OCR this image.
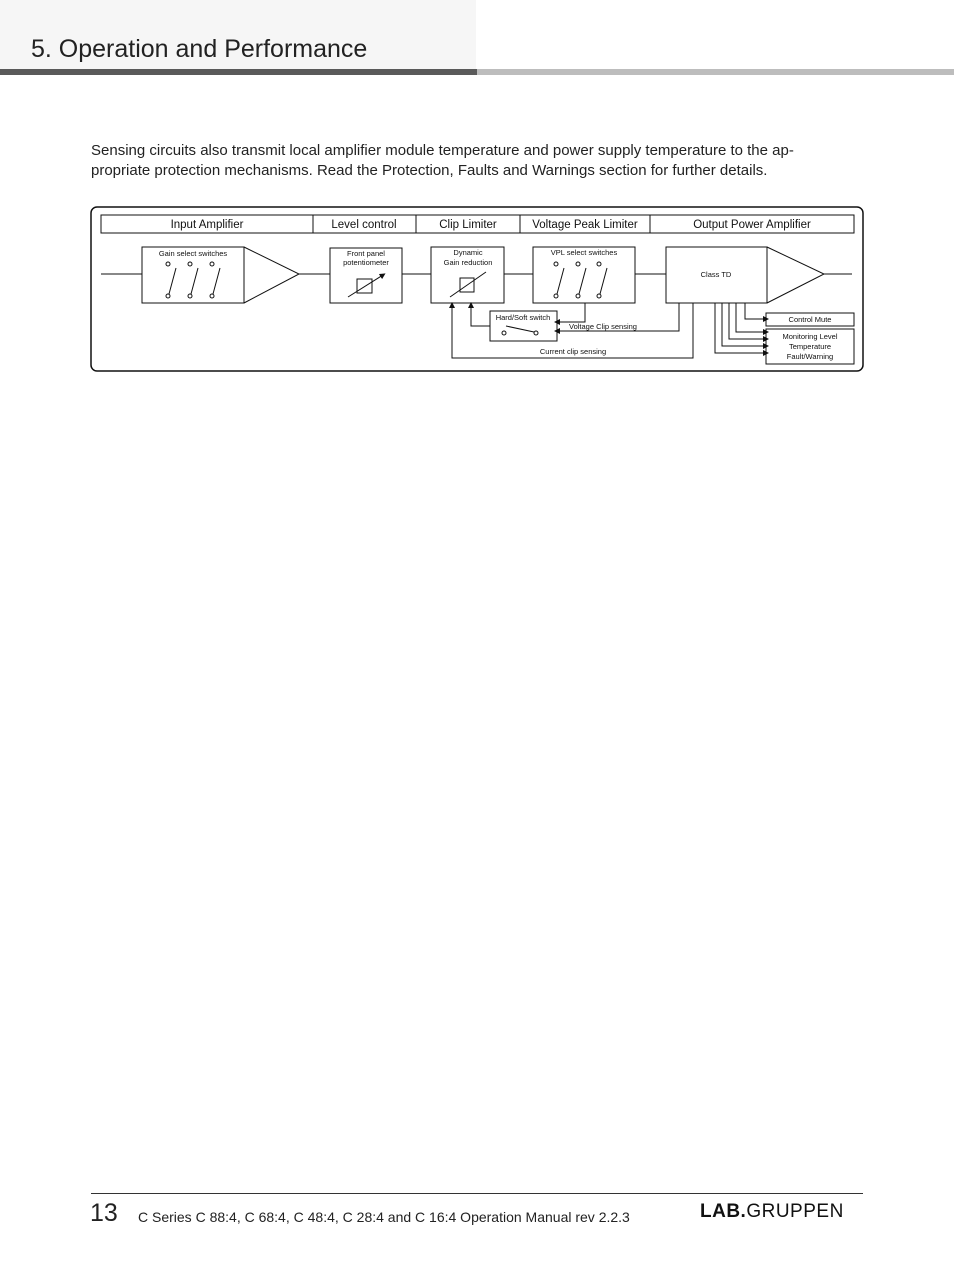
5. Operation and Performance

Sensing circuits also transmit local amplifier module temperature and power supply temperature to the ap-
propriate protection mechanisms. Read the Protection, Faults and Warnings section for further details.

Input Amplifier	Level control	Clip Limiter	Voltage Peak Limiter	Output Power Amplifier
Gain select switches	Front panel
potentiometer
Dynamic
Gain reduction
VPL select switches
Class TD
Hard/Soft switch
Voltage Clip sensing
Current clip sensing
Control Mute
Monitoring Level
Temperature
Fault/Warning
13 C Series C 88:4, C 68:4, C 48:4, C 28:4 and C 16:4 Operation Manual rev 2.2.3	LAB.GRUPPEN
